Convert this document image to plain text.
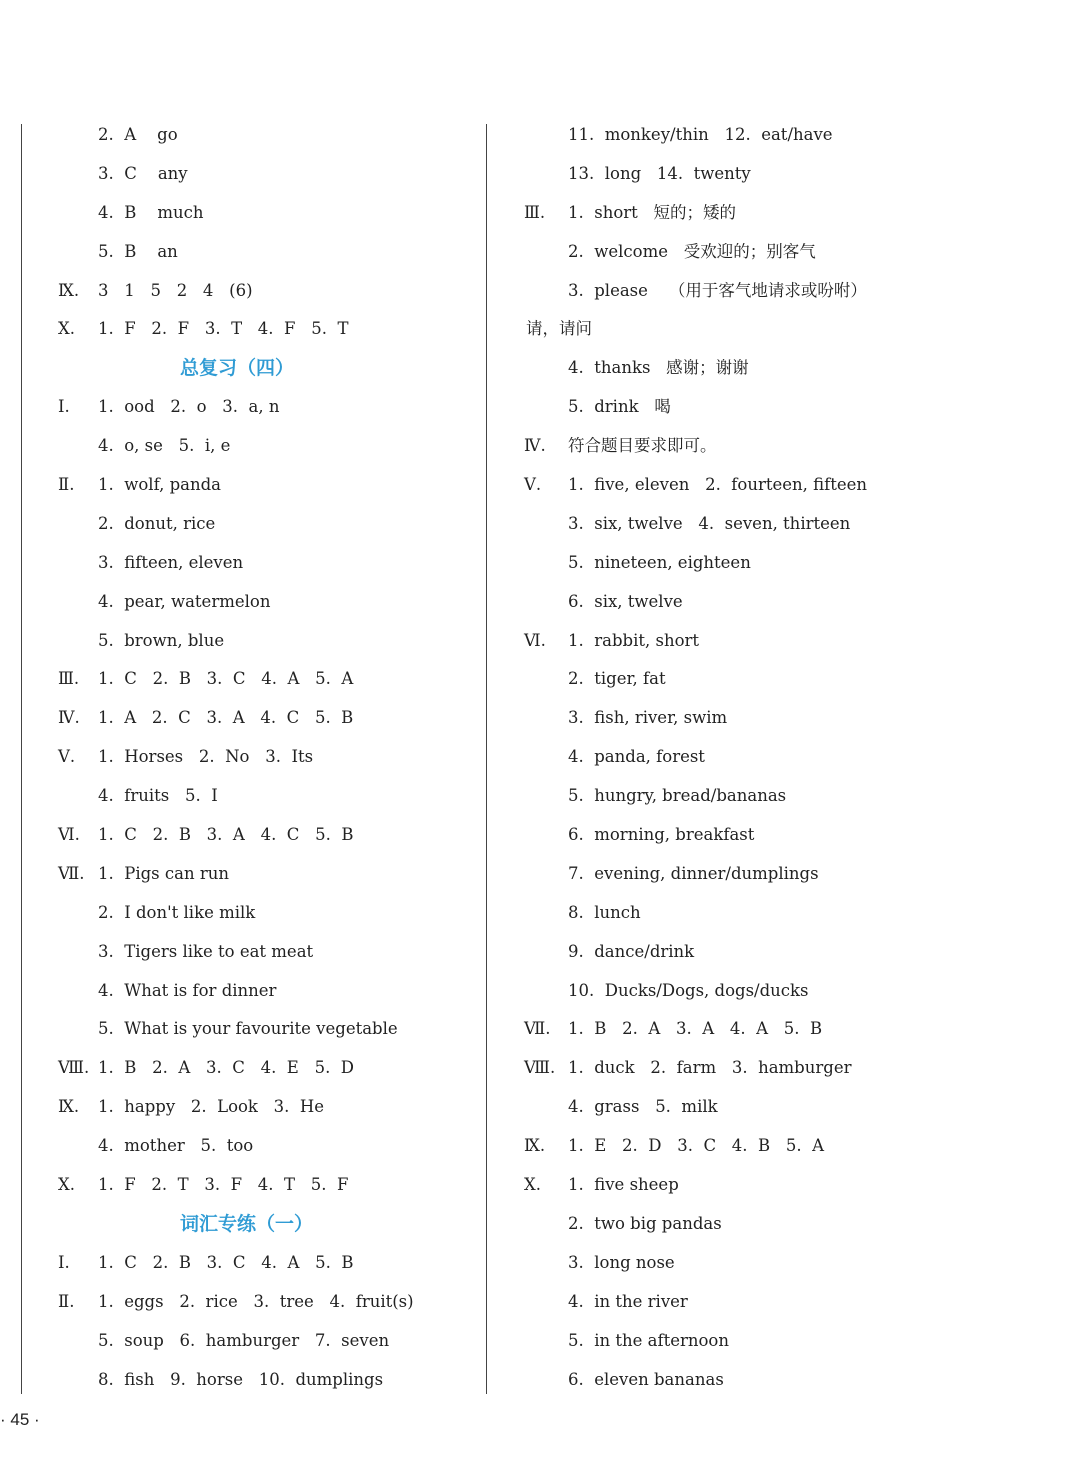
2.  A    go
3.  C    any
4.  B    much
5.  B    an
Ⅸ. 3   1   5   2   4   (6)
Ⅹ. 1.  F   2.  F   3.  T   4.  F   5.  T
总复习（四）
Ⅰ. 1.  ood   2.  o   3.  a, n
4.  o, se   5.  i, e
Ⅱ. 1.  wolf, panda
2.  donut, rice
3.  fifteen, eleven
4.  pear, watermelon
5.  brown, blue
Ⅲ. 1.  C   2.  B   3.  C   4.  A   5.  A
Ⅳ. 1.  A   2.  C   3.  A   4.  C   5.  B
Ⅴ. 1.  Horses   2.  No   3.  Its
4.  fruits   5.  I
Ⅵ. 1.  C   2.  B   3.  A   4.  C   5.  B
Ⅶ. 1.  Pigs can run
2.  I don't like milk
3.  Tigers like to eat meat
4.  What is for dinner
5.  What is your favourite vegetable
Ⅷ. 1.  B   2.  A   3.  C   4.  E   5.  D
Ⅸ. 1.  happy   2.  Look   3.  He
4.  mother   5.  too
Ⅹ. 1.  F   2.  T   3.  F   4.  T   5.  F
词汇专练（一）
Ⅰ. 1.  C   2.  B   3.  C   4.  A   5.  B
Ⅱ. 1.  eggs   2.  rice   3.  tree   4.  fruit(s)
5.  soup   6.  hamburger   7.  seven
8.  fish   9.  horse   10.  dumplings
11.  monkey/thin   12.  eat/have
13.  long   14.  twenty
Ⅲ. 1.  short   短的；矮的
2.  welcome   受欢迎的；别客气
3.  please    （用于客气地请求或吩咐）
请，请问
4.  thanks   感谢；谢谢
5.  drink   喝
Ⅳ. 符合题目要求即可。
Ⅴ. 1.  five, eleven   2.  fourteen, fifteen
3.  six, twelve   4.  seven, thirteen
5.  nineteen, eighteen
6.  six, twelve
Ⅵ. 1.  rabbit, short
2.  tiger, fat
3.  fish, river, swim
4.  panda, forest
5.  hungry, bread/bananas
6.  morning, breakfast
7.  evening, dinner/dumplings
8.  lunch
9.  dance/drink
10.  Ducks/Dogs, dogs/ducks
Ⅶ. 1.  B   2.  A   3.  A   4.  A   5.  B
Ⅷ. 1.  duck   2.  farm   3.  hamburger
4.  grass   5.  milk
Ⅸ. 1.  E   2.  D   3.  C   4.  B   5.  A
Ⅹ. 1.  five sheep
2.  two big pandas
3.  long nose
4.  in the river
5.  in the afternoon
6.  eleven bananas
· 45 ·
